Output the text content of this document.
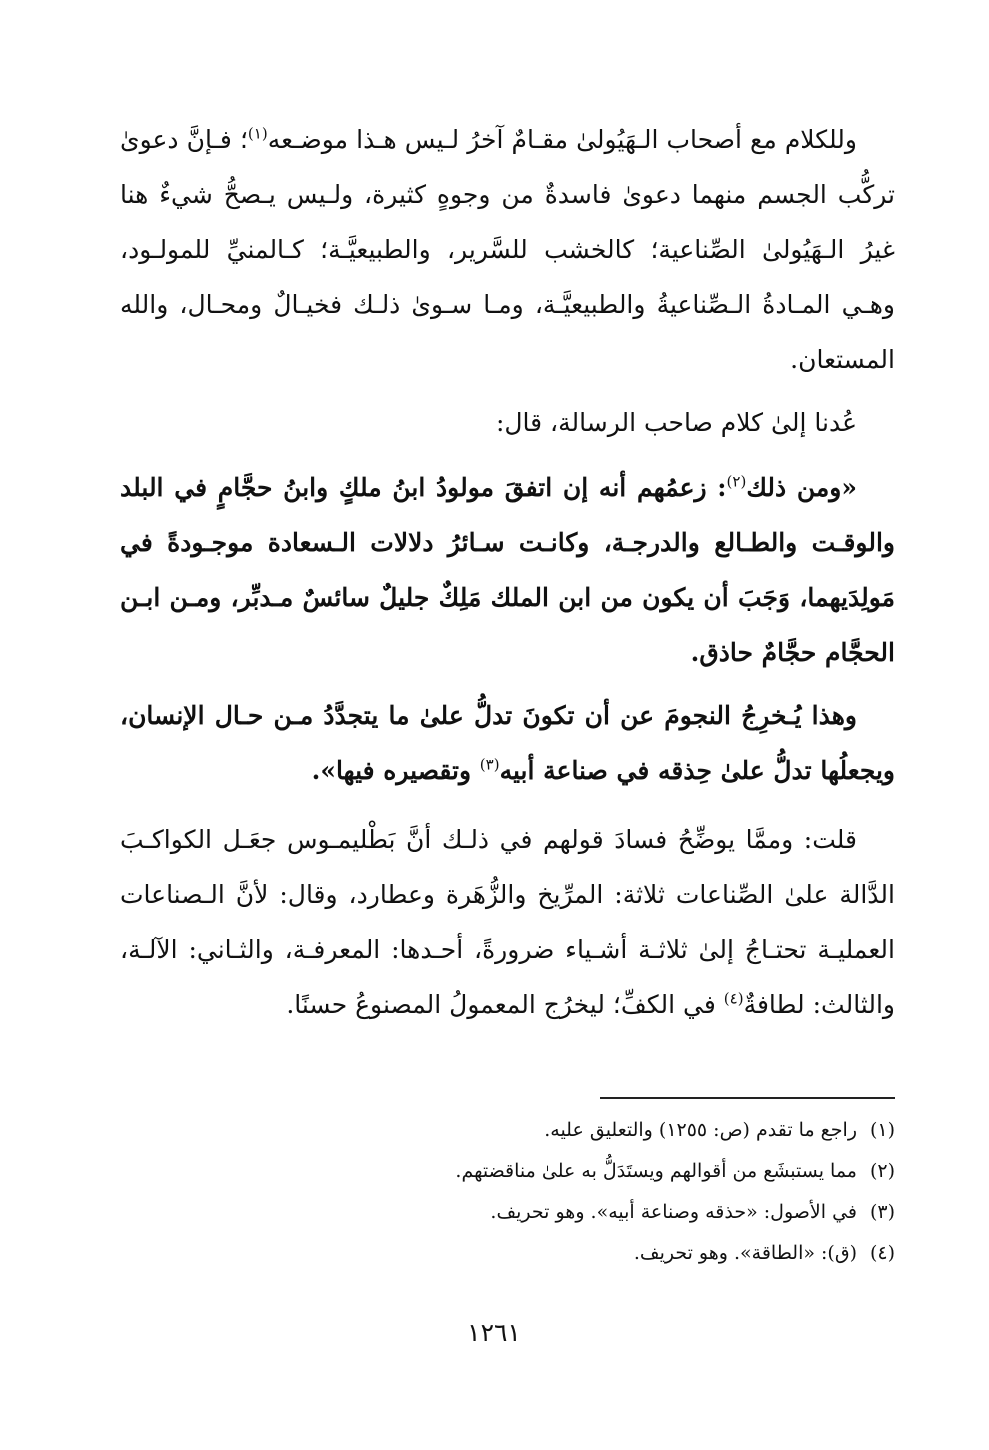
وللكلام مع أصحاب الـهَيُولىٰ مقـامٌ آخرُ لـيس هـذا موضـعه$^{(١)}$؛ فـإنَّ دعوىٰ تركُّب الجسم منهما دعوىٰ فاسدةٌ من وجوهٍ كثيرة، ولـيس يـصحُّ شيءٌ هنا غيرُ الـهَيُولىٰ الصِّناعية؛ كالخشب للسَّرير، والطبيعيَّـة؛ كـالمنيِّ للمولـود، وهـي المـادةُ الـصِّناعيةُ والطبيعيَّـة، ومـا سـوىٰ ذلـك فخيـالٌ ومحـال، والله المستعان.

عُدنا إلىٰ كلام صاحب الرسالة، قال:

«ومن ذلك$^{(٢)}$: زعمُهم أنه إن اتفقَ مولودُ ابنُ ملكٍ وابنُ حجَّامٍ في البلد والوقـت والطـالع والدرجـة، وكانـت سـائرُ دلالات الـسعادة موجـودةً في مَولِدَيهما، وَجَبَ أن يكون من ابن الملك مَلِكٌ جليلٌ سائسٌ مـدبِّر، ومـن ابـن الحجَّام حجَّامٌ حاذق.

وهذا يُـخرِجُ النجومَ عن أن تكونَ تدلُّ علىٰ ما يتجدَّدُ مـن حـال الإنسان، ويجعلُها تدلُّ علىٰ حِذقه في صناعة أبيه$^{(٣)}$ وتقصيره فيها».

قلت: وممَّا يوضِّحُ فسادَ قولهم في ذلـك أنَّ بَطْليمـوس جعَـل الكواكـبَ الدَّالة علىٰ الصِّناعات ثلاثة: المرِّيخ والزُّهَرة وعطارد، وقال: لأنَّ الـصناعات العمليـة تحتـاجُ إلىٰ ثلاثـة أشـياء ضرورةً، أحـدها: المعرفـة، والثـاني: الآلـة، والثالث: لطافةٌ$^{(٤)}$ في الكفِّ؛ ليخرُج المعمولُ المصنوعُ حسنًا.

(١)راجع ما تقدم (ص: ١٢٥٥) والتعليق عليه.

(٢)مما يستبشَع من أقوالهم ويستَدَلُّ به علىٰ مناقضتهم.

(٣)في الأصول: «حذقه وصناعة أبيه». وهو تحريف.

(٤)(ق): «الطاقة». وهو تحريف.

١٢٦١
